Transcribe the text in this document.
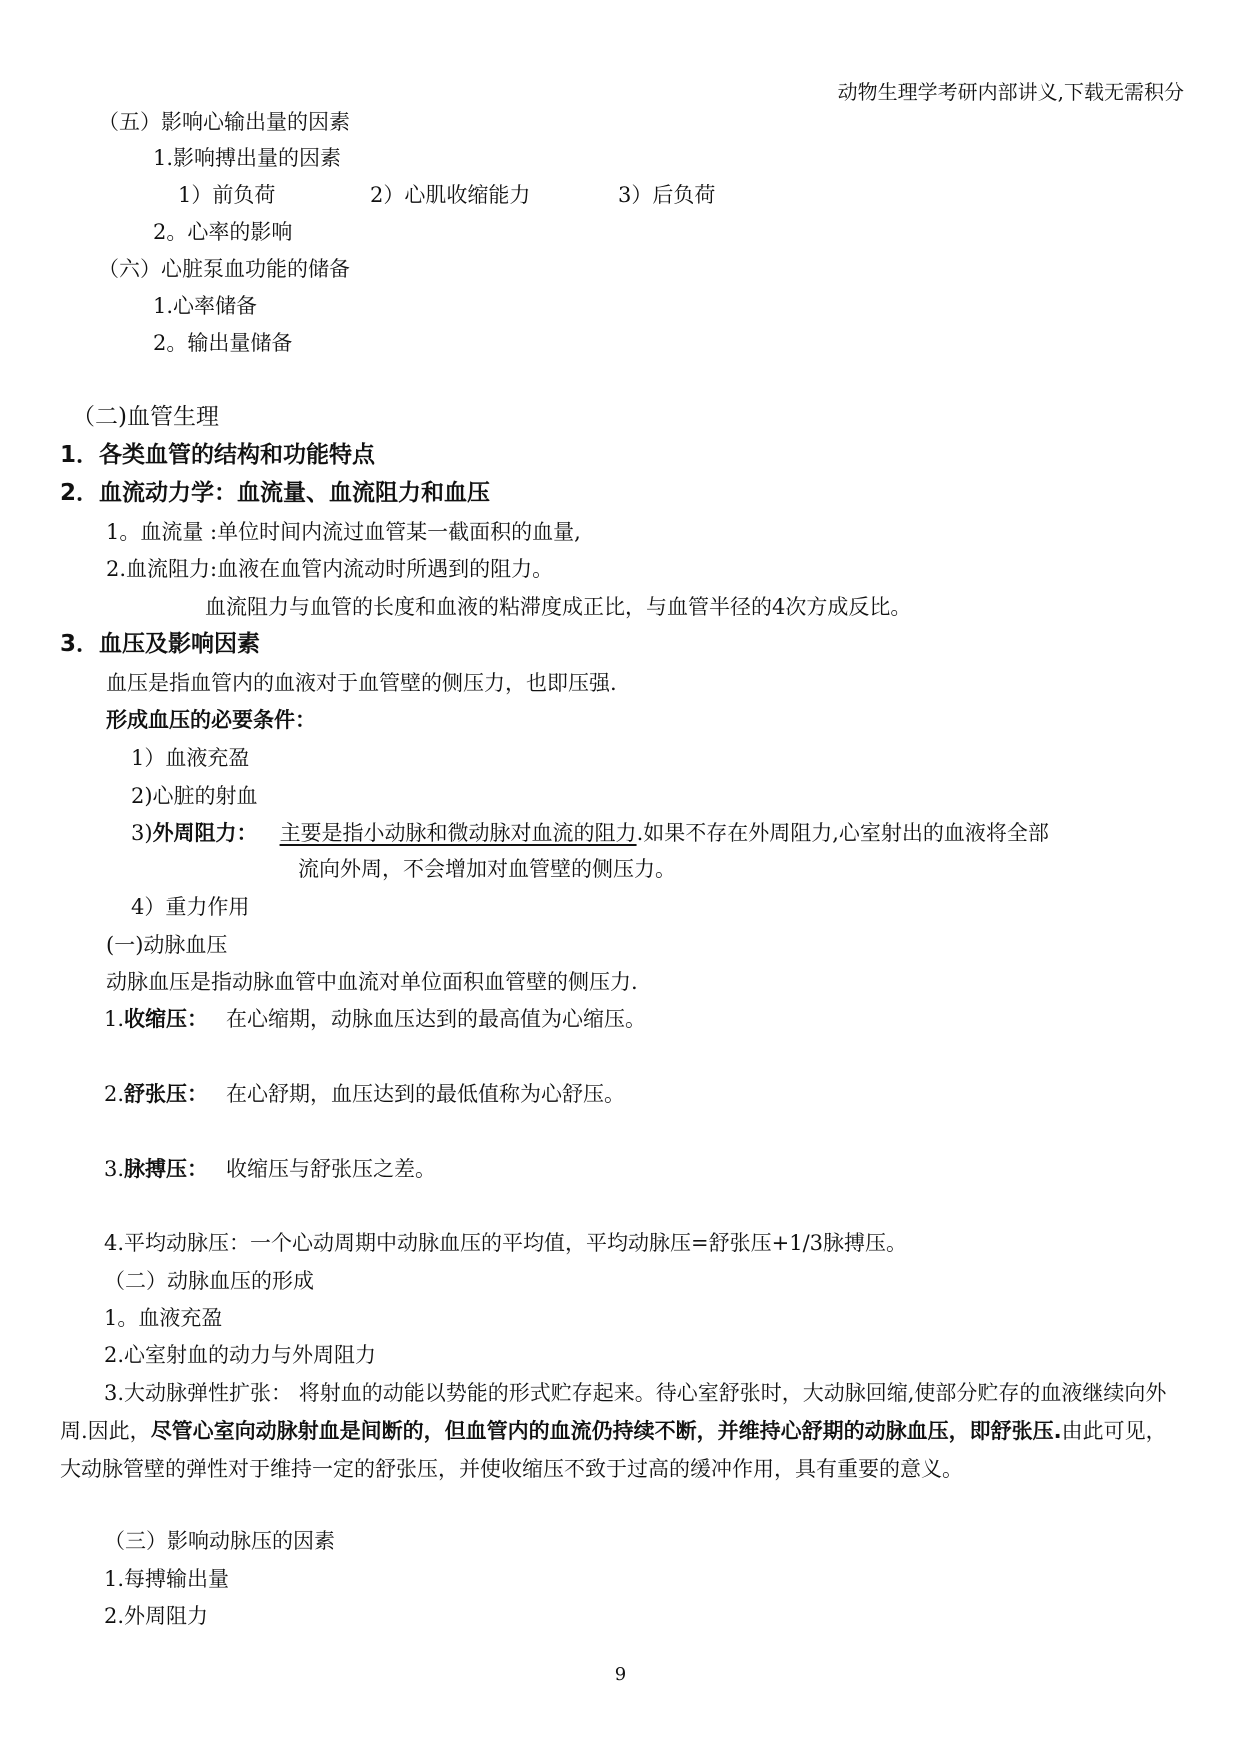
动物生理学考研内部讲义,下载无需积分
（五）影响心输出量的因素
1.影响搏出量的因素
1）前负荷	2）心肌收缩能力	3）后负荷
2。心率的影响
（六）心脏泵血功能的储备
1.心率储备
2。输出量储备
（二)血管生理
1．各类血管的结构和功能特点
2．血流动力学：血流量、血流阻力和血压
1。血流量 :单位时间内流过血管某一截面积的血量,
2.血流阻力:血液在血管内流动时所遇到的阻力。
血流阻力与血管的长度和血液的粘滞度成正比，与血管半径的4次方成反比。
3．血压及影响因素
血压是指血管内的血液对于血管壁的侧压力，也即压强.
形成血压的必要条件：
1）血液充盈
2)心脏的射血
3)外周阻力： 主要是指小动脉和微动脉对血流的阻力.如果不存在外周阻力,心室射出的血液将全部
流向外周，不会增加对血管壁的侧压力。
4）重力作用
(一)动脉血压
动脉血压是指动脉血管中血流对单位面积血管壁的侧压力.
1.收缩压： 在心缩期，动脉血压达到的最高值为心缩压。
2.舒张压： 在心舒期，血压达到的最低值称为心舒压。
3.脉搏压： 收缩压与舒张压之差。
4.平均动脉压：一个心动周期中动脉血压的平均值，平均动脉压=舒张压+1/3脉搏压。
（二）动脉血压的形成
1。血液充盈
2.心室射血的动力与外周阻力
3.大动脉弹性扩张： 将射血的动能以势能的形式贮存起来。待心室舒张时，大动脉回缩,使部分贮存的血液继续向外周.因此，尽管心室向动脉射血是间断的，但血管内的血流仍持续不断，并维持心舒期的动脉血压，即舒张压.由此可见，大动脉管壁的弹性对于维持一定的舒张压，并使收缩压不致于过高的缓冲作用，具有重要的意义。
（三）影响动脉压的因素
1.每搏输出量
2.外周阻力
9
